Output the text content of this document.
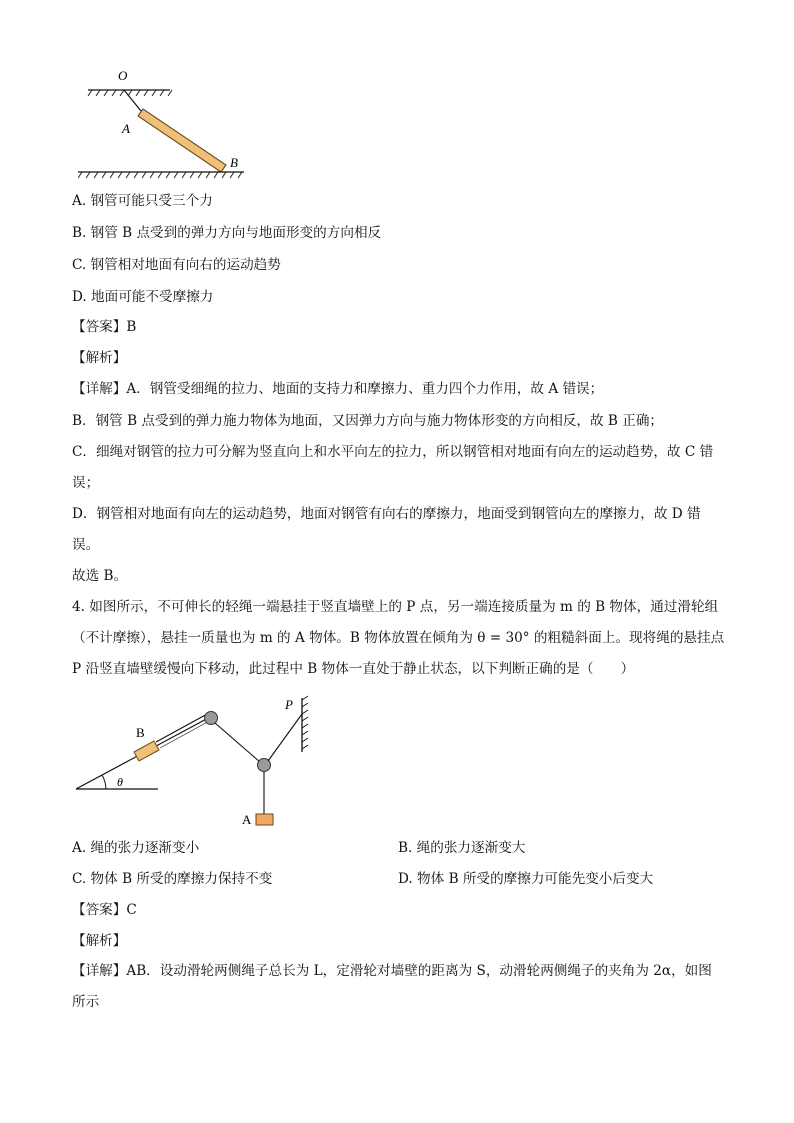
O
A
B
A. 钢管可能只受三个力
B. 钢管 B 点受到的弹力方向与地面形变的方向相反
C. 钢管相对地面有向右的运动趋势
D. 地面可能不受摩擦力
【答案】B
【解析】
【详解】A．钢管受细绳的拉力、地面的支持力和摩擦力、重力四个力作用，故 A 错误；
B．钢管 B 点受到的弹力施力物体为地面，又因弹力方向与施力物体形变的方向相反，故 B 正确；
C．细绳对钢管的拉力可分解为竖直向上和水平向左的拉力，所以钢管相对地面有向左的运动趋势，故 C 错
误；
D．钢管相对地面有向左的运动趋势，地面对钢管有向右的摩擦力，地面受到钢管向左的摩擦力，故 D 错
误。
故选 B。
4. 如图所示，不可伸长的轻绳一端悬挂于竖直墙壁上的 P 点，另一端连接质量为 m 的 B 物体，通过滑轮组
（不计摩擦），悬挂一质量也为 m 的 A 物体。B 物体放置在倾角为 θ = 30° 的粗糙斜面上。现将绳的悬挂点
P 沿竖直墙壁缓慢向下移动，此过程中 B 物体一直处于静止状态，以下判断正确的是（　　）
θ
B
P
A
A. 绳的张力逐渐变小	B. 绳的张力逐渐变大
C. 物体 B 所受的摩擦力保持不变	D. 物体 B 所受的摩擦力可能先变小后变大
【答案】C
【解析】
【详解】AB．设动滑轮两侧绳子总长为 L，定滑轮对墙壁的距离为 S，动滑轮两侧绳子的夹角为 2α，如图
所示
